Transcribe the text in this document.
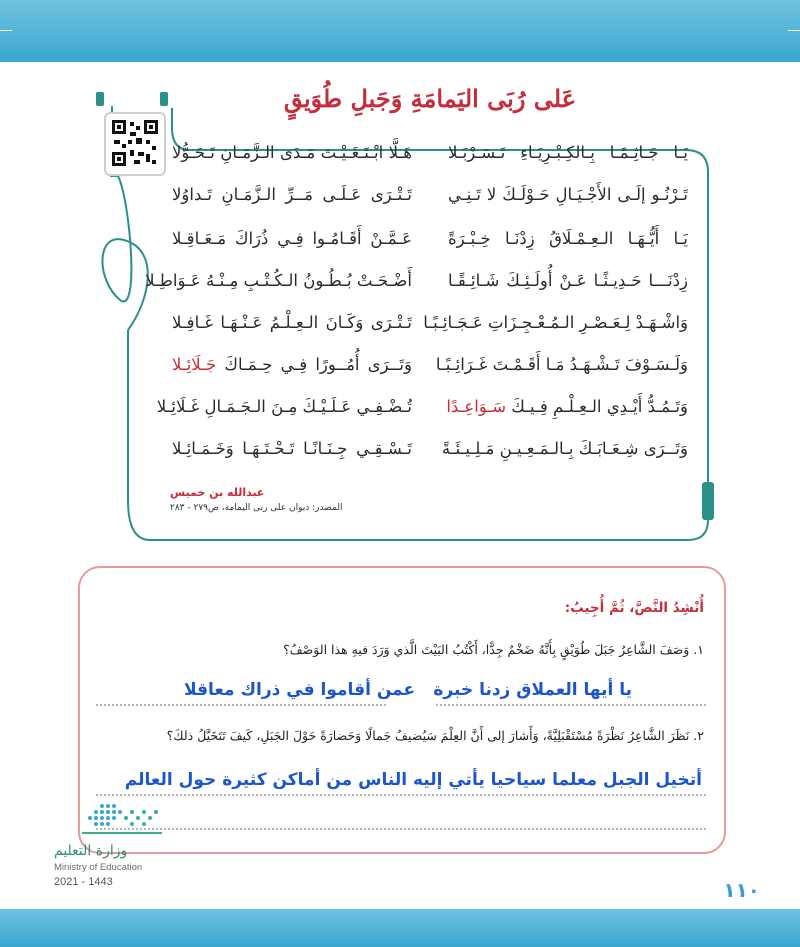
عَلى رُبَى اليَمامَةِ وَجَبلِ طُوَيقٍ
يَـا جَـاثِـمًـا بِـالكِـبْـرِيَـاءِ تَـسَـرْبَـلا
هَـلَّا ابْـتَـغَـيْـتَ مَـدَى الـزَّمَـانِ تَـحَـوُّلا
تَـرْنُـو إلَـى الأَجْـيَـالِ حَـوْلَـكَ لا تَـنِـي
تَـتْـرَى عَـلَـى مَــرِّ الـزَّمَـانِ تَـداوُلا
يَـا أَيُّـهَـا الـعِـمْـلَاقُ زِدْنَـا خِـبْـرَةً
عَـمَّـنْ أَقَـامُـوا فِـي ذُرَاكَ مَـعَـاقِـلا
زِدْنَـــا حَـدِيـثًـا عَـنْ أُولَـئِـكَ شَـائِـقًـا
أَضْـحَـتْ بُـطُـونُ الـكُـتْـبِ مِـنْـهُ عَـوَاطِـلا
وَاشْـهَـدْ لِـعَـصْـرِ الـمُـعْـجِـزَاتِ عَـجَـائِـبًـا
تَـتْـرَى وَكَـانَ الـعِـلْـمُ عَـنْـهَـا غَـافِـلا
وَلَـسَـوْفَ تَـشْـهَـدُ مَـا أَقَـمْـتَ غَـرَائِـبًـا
وَتَــرَى أُمُــورًا فِـي حِـمَـاكَ جَـلَائِـلا
وَتَـمُـدُّ أَيْـدِي الـعِـلْـمِ فِـيـكَ سَـوَاعِـدًا
تُـضْـفِـي عَـلَـيْـكَ مِـنَ الـجَـمَـالِ غَـلَائِـلا
وَتَــرَى شِـعَـابَـكَ بِـالـمَـعِـيـنِ مَـلِـيـئَـةً
تَـسْـقِـي جِـنَـانًـا تَـحْـتَـهَـا وَخَـمَـائِـلا
عبدالله بن خميس
المصدر: ديوان على ربى اليمامة، ص٢٧٩ - ٢٨٣
أُنْشِدُ النَّصَّ، ثُمَّ أُجِيبُ:
١. وَصَفَ الشَّاعِرُ جَبَلَ طُوَيْقٍ بِأَنَّهُ ضَخْمٌ جِدًّا، أَكْتُبُ البَيْتَ الَّذي وَرَدَ فيهِ هذا الوَصْفُ؟
يا أيها العملاق زدنا خبرة
عمن أقاموا في ذراك معاقلا
٢. نَظَرَ الشَّاعِرُ نَظْرَةً مُسْتَقْبَلِيَّةً، وَأَشارَ إلى أَنَّ العِلْمَ سَيُضيفُ جَمالًا وَحَضارَةً حَوْلَ الجَبَلِ، كَيفَ تَتَخَيَّلُ ذلكَ؟
أتخيل الجبل معلما سياحيا يأتي إليه الناس من أماكن كثيرة حول العالم
وزارة التعليم
Ministry of Education
2021 - 1443	١١٠
